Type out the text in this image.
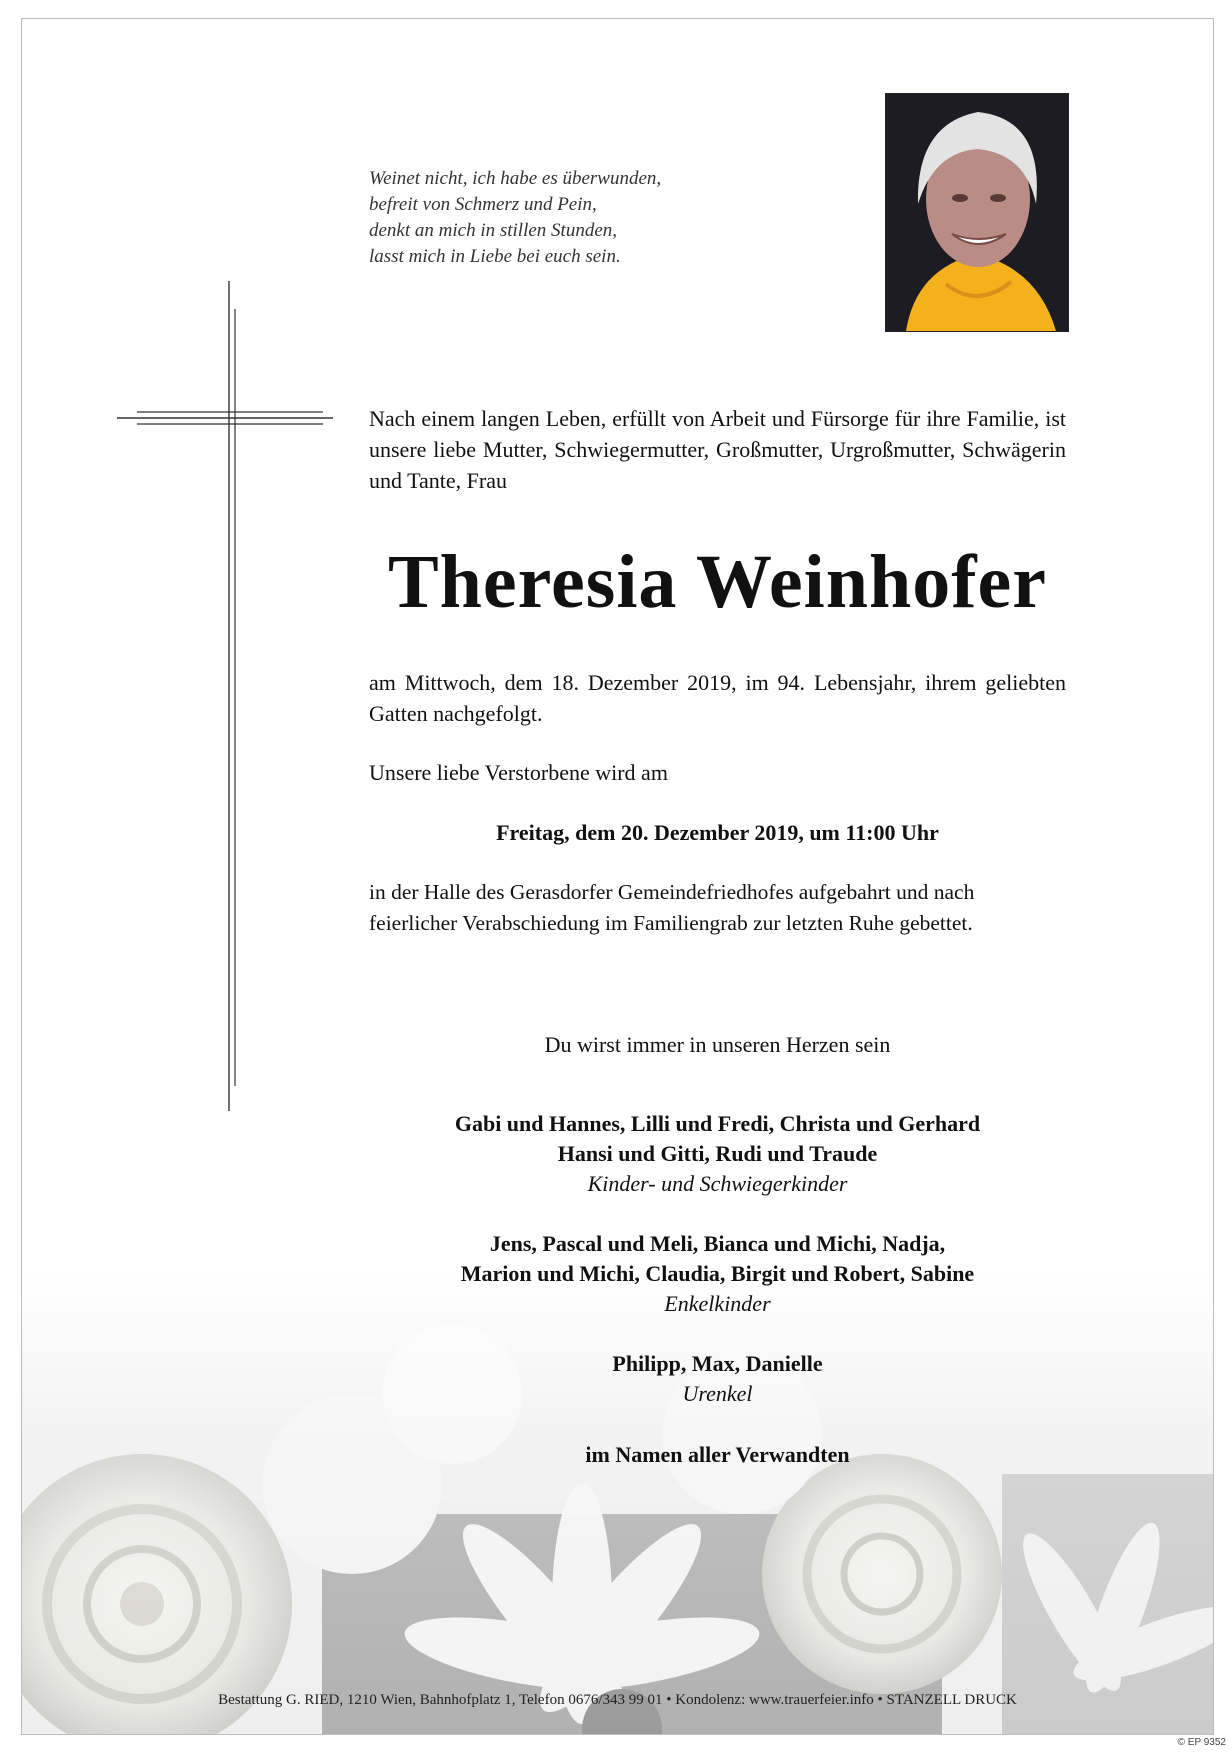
Weinet nicht, ich habe es überwunden,
befreit von Schmerz und Pein,
denkt an mich in stillen Stunden,
lasst mich in Liebe bei euch sein.
Nach einem langen Leben, erfüllt von Arbeit und Fürsorge für ihre Familie, ist unsere liebe Mutter, Schwiegermutter, Großmutter, Urgroßmutter, Schwägerin und Tante, Frau
Theresia Weinhofer
am Mittwoch, dem 18. Dezember 2019, im 94. Lebensjahr, ihrem geliebten Gatten nachgefolgt.
Unsere liebe Verstorbene wird am
Freitag, dem 20. Dezember 2019, um 11:00 Uhr
in der Halle des Gerasdorfer Gemeindefriedhofes aufgebahrt und nach feierlicher Verabschiedung im Familiengrab zur letzten Ruhe gebettet.
Du wirst immer in unseren Herzen sein
Gabi und Hannes, Lilli und Fredi, Christa und Gerhard
Hansi und Gitti, Rudi und Traude
Kinder- und Schwiegerkinder
Jens, Pascal und Meli, Bianca und Michi, Nadja,
Marion und Michi, Claudia, Birgit und Robert, Sabine
Enkelkinder
Philipp, Max, Danielle
Urenkel
im Namen aller Verwandten
Bestattung G. RIED, 1210 Wien, Bahnhofplatz 1, Telefon 0676/343 99 01 • Kondolenz: www.trauerfeier.info • STANZELL DRUCK
© EP 9352
